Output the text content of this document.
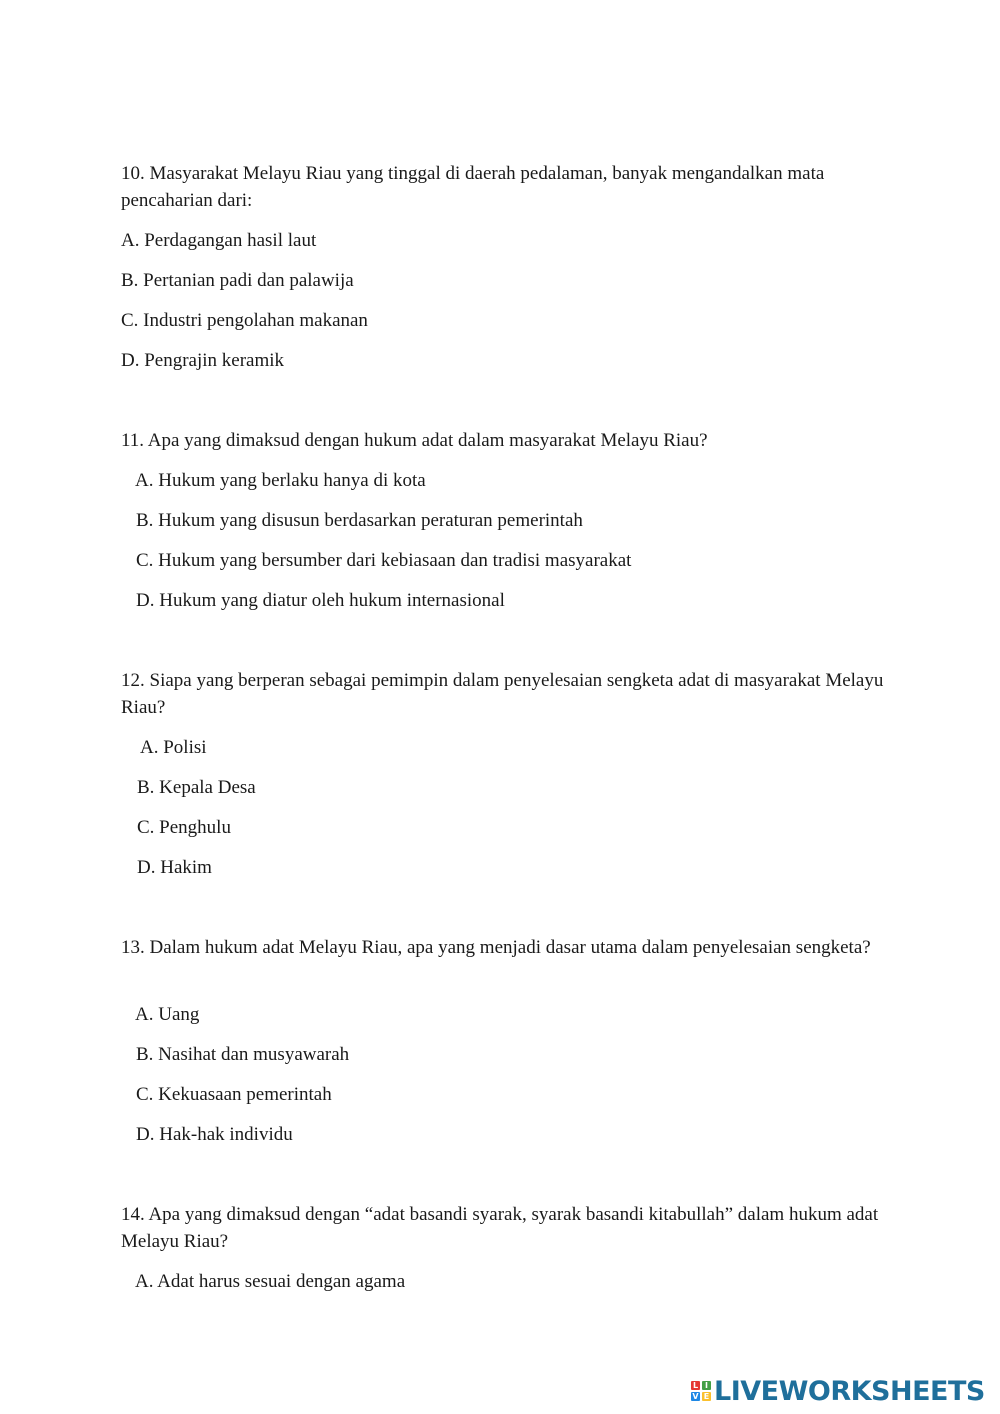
10. Masyarakat Melayu Riau yang tinggal di daerah pedalaman, banyak mengandalkan mata pencaharian dari:
A. Perdagangan hasil laut
B. Pertanian padi dan palawija
C. Industri pengolahan makanan
D. Pengrajin keramik
11. Apa yang dimaksud dengan hukum adat dalam masyarakat Melayu Riau?
A. Hukum yang berlaku hanya di kota
B. Hukum yang disusun berdasarkan peraturan pemerintah
C. Hukum yang bersumber dari kebiasaan dan tradisi masyarakat
D. Hukum yang diatur oleh hukum internasional
12. Siapa yang berperan sebagai pemimpin dalam penyelesaian sengketa adat di masyarakat Melayu Riau?
A. Polisi
B. Kepala Desa
C. Penghulu
D. Hakim
13. Dalam hukum adat Melayu Riau, apa yang menjadi dasar utama dalam penyelesaian sengketa?
A. Uang
B. Nasihat dan musyawarah
C. Kekuasaan pemerintah
D. Hak-hak individu
14. Apa yang dimaksud dengan “adat basandi syarak, syarak basandi kitabullah” dalam hukum adat Melayu Riau?
A. Adat harus sesuai dengan agama
L I
V E LIVEWORKSHEETS
